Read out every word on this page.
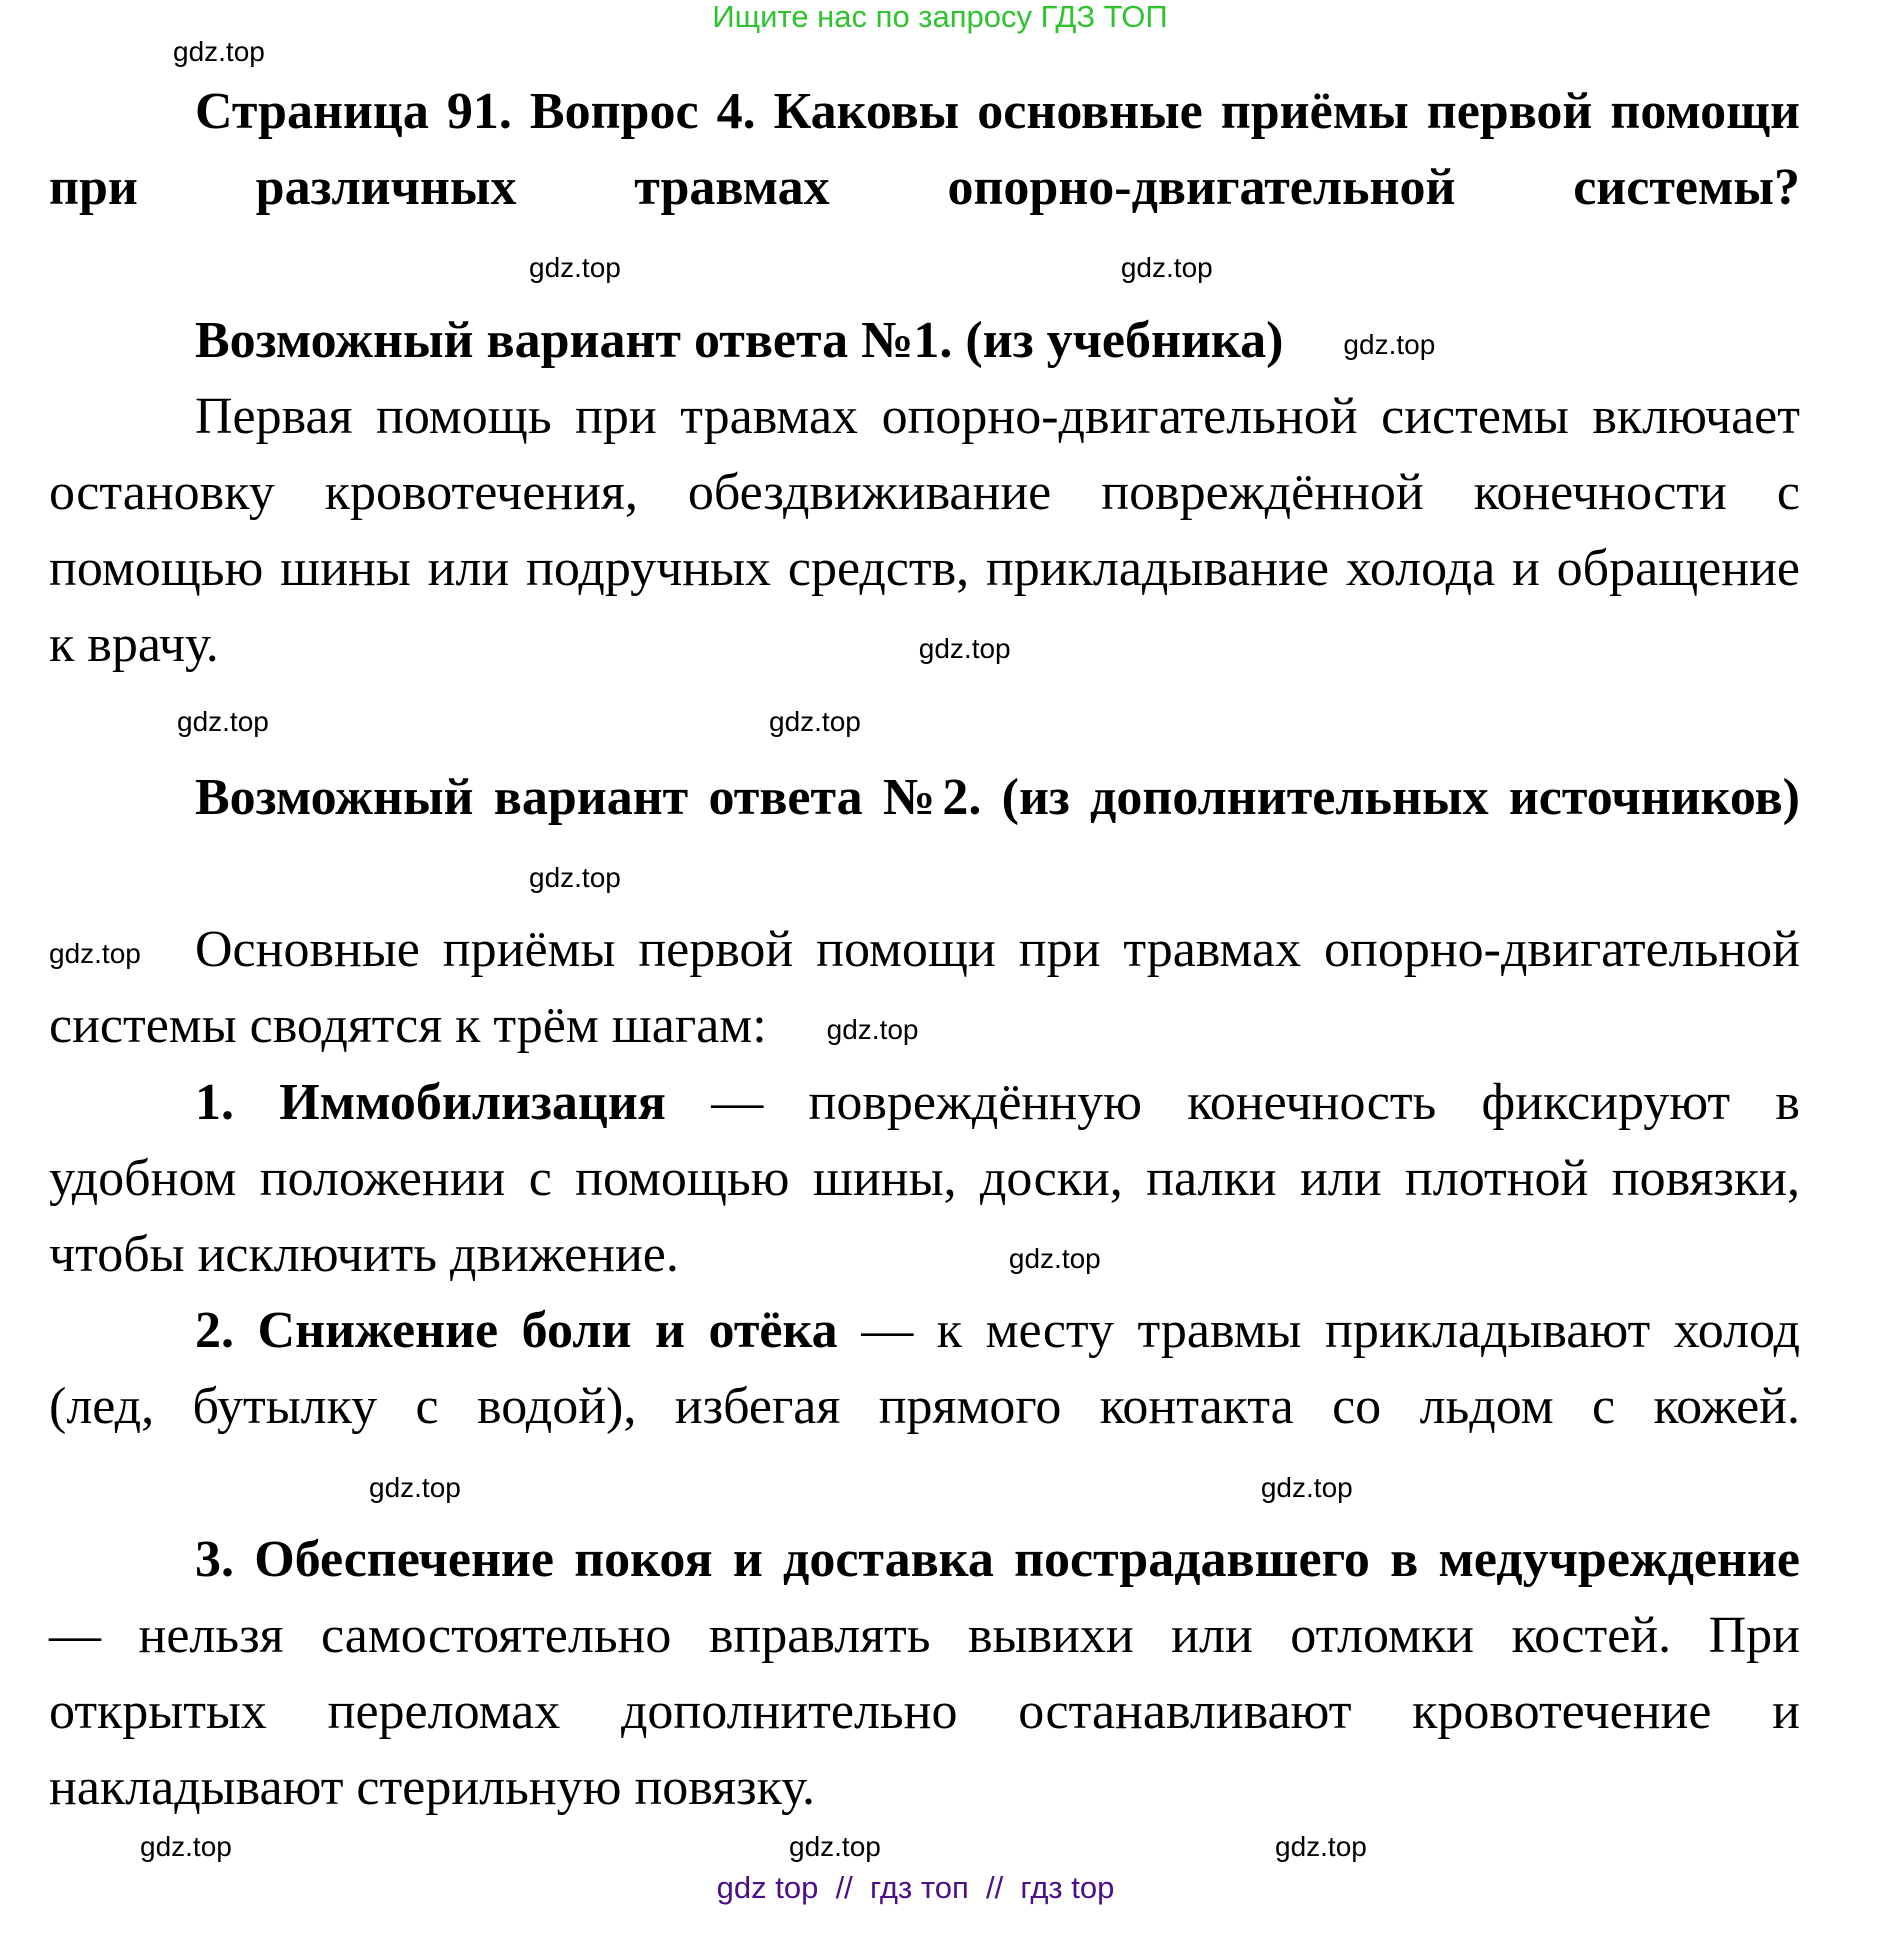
Ищите нас по запросу ГДЗ ТОП
gdz.top

Страница 91. Вопрос 4. Каковы основные приёмы первой помощи при различных травмах опорно-двигательной системы?gdz.top	gdz.top

Возможный вариант ответа №1. (из учебника) gdz.top

Первая помощь при травмах опорно-двигательной системы включает остановку кровотечения, обездвиживание повреждённой конечности с помощью шины или подручных средств, прикладывание холода и обращение к врачу.	gdz.top

gdz.top	gdz.top

Возможный вариант ответа №2. (из дополнительных источников)gdz.top

gdz.top Основные приёмы первой помощи при травмах опорно-двигательной системы сводятся к трём шагам: gdz.top

1. Иммобилизация — повреждённую конечность фиксируют в удобном положении с помощью шины, доски, палки или плотной повязки, чтобы исключить движение.	gdz.top

2. Снижение боли и отёка — к месту травмы прикладывают холод (лед, бутылку с водой), избегая прямого контакта со льдом с кожей.gdz.top	gdz.top

3. Обеспечение покоя и доставка пострадавшего в медучреждение — нельзя самостоятельно вправлять вывихи или отломки костей. При открытых переломах дополнительно останавливают кровотечение и накладывают стерильную повязку.

gdz.top	gdz.top	gdz.top
gdz top  //  гдз топ  //  гдз top
